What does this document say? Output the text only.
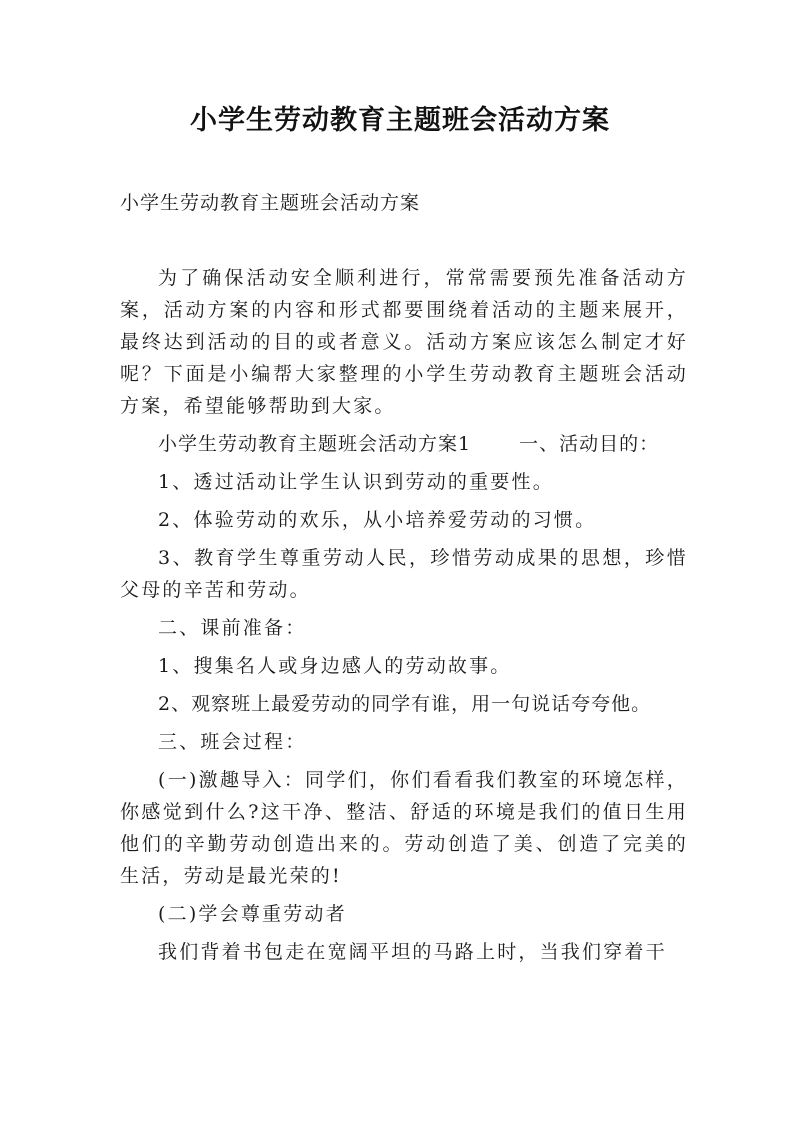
小学生劳动教育主题班会活动方案

小学生劳动教育主题班会活动方案

为了确保活动安全顺利进行，常常需要预先准备活动方案，活动方案的内容和形式都要围绕着活动的主题来展开，最终达到活动的目的或者意义。活动方案应该怎么制定才好呢？下面是小编帮大家整理的小学生劳动教育主题班会活动方案，希望能够帮助到大家。

小学生劳动教育主题班会活动方案1	一、活动目的：

1、透过活动让学生认识到劳动的重要性。

2、体验劳动的欢乐，从小培养爱劳动的习惯。

3、教育学生尊重劳动人民，珍惜劳动成果的思想，珍惜父母的辛苦和劳动。

二、课前准备：

1、搜集名人或身边感人的劳动故事。

2、观察班上最爱劳动的同学有谁，用一句说话夸夸他。

三、班会过程：

(一)激趣导入：同学们，你们看看我们教室的环境怎样，你感觉到什么?这干净、整洁、舒适的环境是我们的值日生用他们的辛勤劳动创造出来的。劳动创造了美、创造了完美的生活，劳动是最光荣的!

(二)学会尊重劳动者

我们背着书包走在宽阔平坦的马路上时，当我们穿着干
